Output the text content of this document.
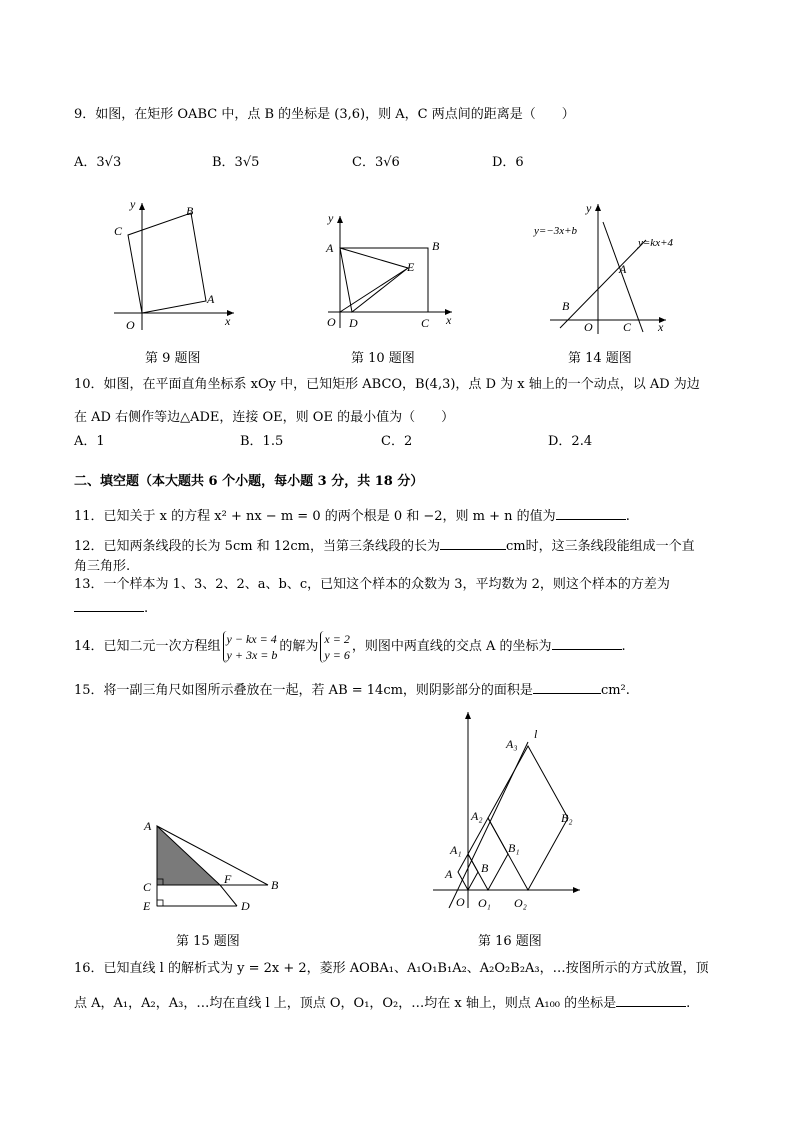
9．如图，在矩形 OABC 中，点 B 的坐标是 (3,6)，则 A，C 两点间的距离是（　　）
A．3√3	B．3√5	C．3√6	D．6
y	B
C
A
O	x
y
A	B
E
O D	C x
y
y=−3x+b
y=kx+4
A
B
O	C x
第 9 题图	第 10 题图	第 14 题图
10．如图，在平面直角坐标系 xOy 中，已知矩形 ABCO，B(4,3)，点 D 为 x 轴上的一个动点，以 AD 为边
在 AD 右侧作等边△ADE，连接 OE，则 OE 的最小值为（　　）
A．1	B．1.5	C．2	D．2.4
二、填空题（本大题共 6 个小题，每小题 3 分，共 18 分）
11．已知关于 x 的方程 x² + nx − m = 0 的两个根是 0 和 −2，则 m + n 的值为	.
12．已知两条线段的长为 5cm 和 12cm，当第三条线段的长为	cm时，这三条线段能组成一个直
角三角形.
13．一个样本为 1、3、2、2、a、b、c，已知这个样本的众数为 3，平均数为 2，则这个样本的方差为
.
14．已知二元一次方程组y − kx = 4
y + 3x = b的解为x = 2
y = 6，则图中两直线的交点 A 的坐标为	.
15．将一副三角尺如图所示叠放在一起，若 AB = 14cm，则阴影部分的面积是	cm².
A
C
E
F	B
D
l
A₃
A₂	B₂
A₁	B₁
A B
O O₁ O₂
第 15 题图	第 16 题图
16．已知直线 l 的解析式为 y = 2x + 2，菱形 AOBA₁、A₁O₁B₁A₂、A₂O₂B₂A₃，…按图所示的方式放置，顶
点 A，A₁，A₂，A₃，…均在直线 l 上，顶点 O，O₁，O₂，…均在 x 轴上，则点 A₁₀₀ 的坐标是	.
